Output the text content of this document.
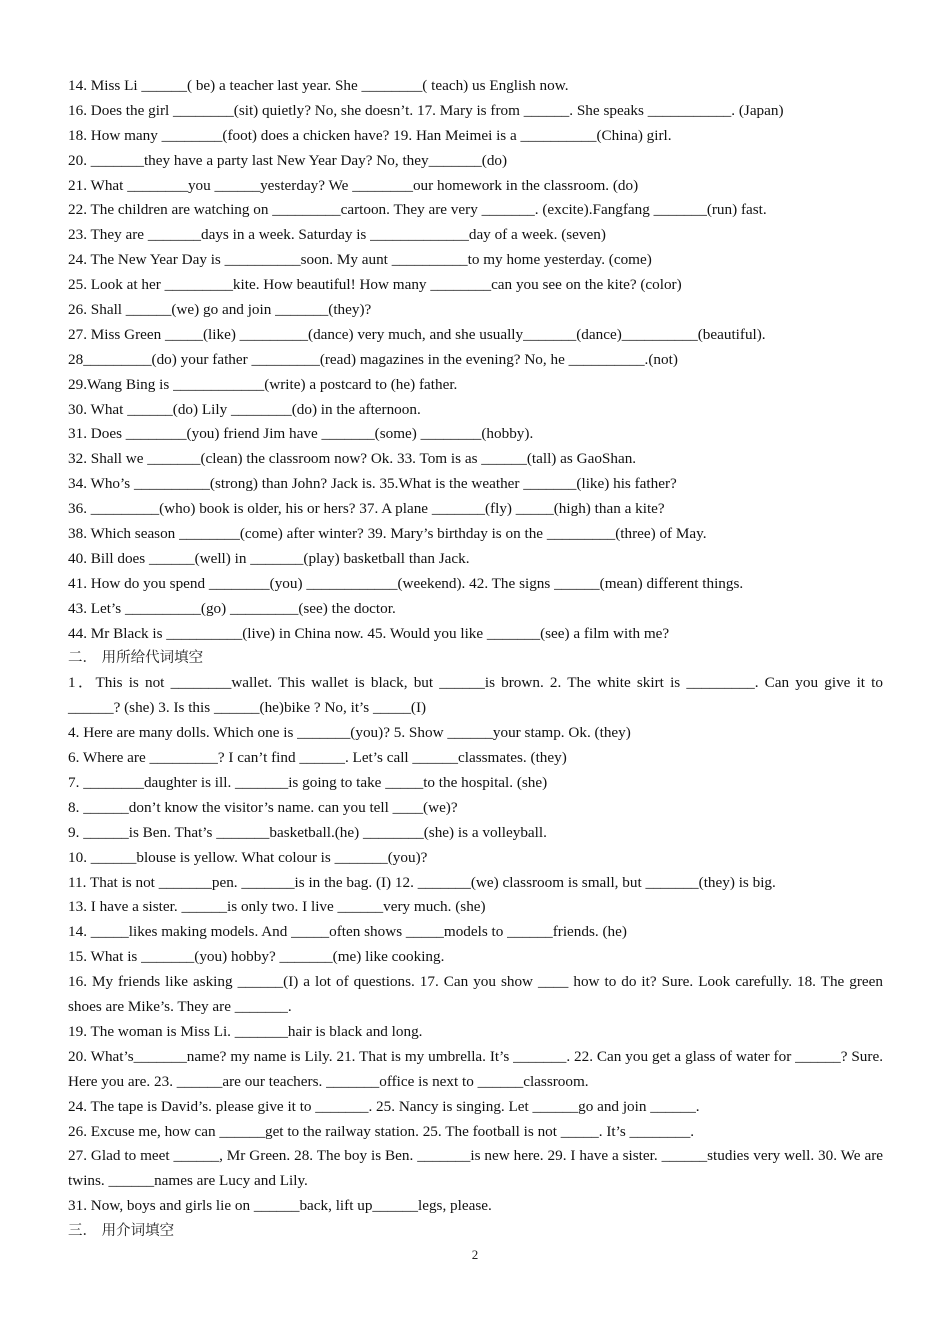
14. Miss Li ______( be) a teacher last year. She ________( teach) us English now.
16. Does the girl ________(sit) quietly? No, she doesn’t. 17. Mary is from ______. She speaks ___________. (Japan)
18. How many ________(foot) does a chicken have? 19. Han Meimei is a __________(China) girl.
20. _______they have a party last New Year Day? No, they_______(do)
21. What ________you ______yesterday? We ________our homework in the classroom. (do)
22. The children are watching on _________cartoon. They are very _______. (excite).Fangfang _______(run) fast.
23. They are _______days in a week. Saturday is _____________day of a week. (seven)
24. The New Year Day is __________soon. My aunt __________to my home yesterday. (come)
25. Look at her _________kite. How beautiful! How many ________can you see on the kite? (color)
26. Shall ______(we) go and join _______(they)?
27. Miss Green _____(like) _________(dance) very much, and she usually_______(dance)__________(beautiful).
28_________(do) your father _________(read) magazines in the evening? No, he __________.(not)
29.Wang Bing is ____________(write) a postcard to (he) father.
30. What ______(do) Lily ________(do) in the afternoon.
31. Does ________(you) friend Jim have _______(some) ________(hobby).
32. Shall we _______(clean) the classroom now? Ok. 33. Tom is as ______(tall) as GaoShan.
34. Who’s __________(strong) than John? Jack is. 35.What is the weather _______(like) his father?
36. _________(who) book is older, his or hers? 37. A plane _______(fly) _____(high) than a kite?
38. Which season ________(come) after winter? 39. Mary’s birthday is on the _________(three) of May.
40. Bill does ______(well) in _______(play) basketball than Jack.
41. How do you spend ________(you) ____________(weekend). 42. The signs ______(mean) different things.
43. Let’s __________(go) _________(see) the doctor.
44. Mr Black is __________(live) in China now. 45. Would you like _______(see) a film with me?
二． 用所给代词填空
1．This is not ________wallet. This wallet is black, but ______is brown. 2. The white skirt is _________. Can you give it to ______? (she) 3. Is this ______(he)bike ? No, it’s _____(I)
4. Here are many dolls. Which one is _______(you)? 5. Show ______your stamp. Ok. (they)
6. Where are _________? I can’t find ______. Let’s call ______classmates. (they)
7. ________daughter is ill. _______is going to take _____to the hospital. (she)
8. ______don’t know the visitor’s name. can you tell ____(we)?
9. ______is Ben. That’s _______basketball.(he) ________(she) is a volleyball.
10. ______blouse is yellow. What colour is _______(you)?
11. That is not _______pen. _______is in the bag. (I) 12. _______(we) classroom is small, but _______(they) is big.
13. I have a sister. ______is only two. I live ______very much. (she)
14. _____likes making models. And _____often shows _____models to ______friends. (he)
15. What is _______(you) hobby? _______(me) like cooking.
16. My friends like asking ______(I) a lot of questions. 17. Can you show ____ how to do it? Sure. Look carefully. 18. The green shoes are Mike’s. They are _______.
19. The woman is Miss Li. _______hair is black and long.
20. What’s_______name? my name is Lily. 21. That is my umbrella. It’s _______. 22. Can you get a glass of water for ______? Sure. Here you are. 23. ______are our teachers. _______office is next to ______classroom.
24. The tape is David’s. please give it to _______. 25. Nancy is singing. Let ______go and join ______.
26. Excuse me, how can ______get to the railway station. 25. The football is not _____. It’s ________.
27. Glad to meet ______, Mr Green. 28. The boy is Ben. _______is new here. 29. I have a sister. ______studies very well. 30. We are twins. ______names are Lucy and Lily.
31. Now, boys and girls lie on ______back, lift up______legs, please.
三． 用介词填空
2
